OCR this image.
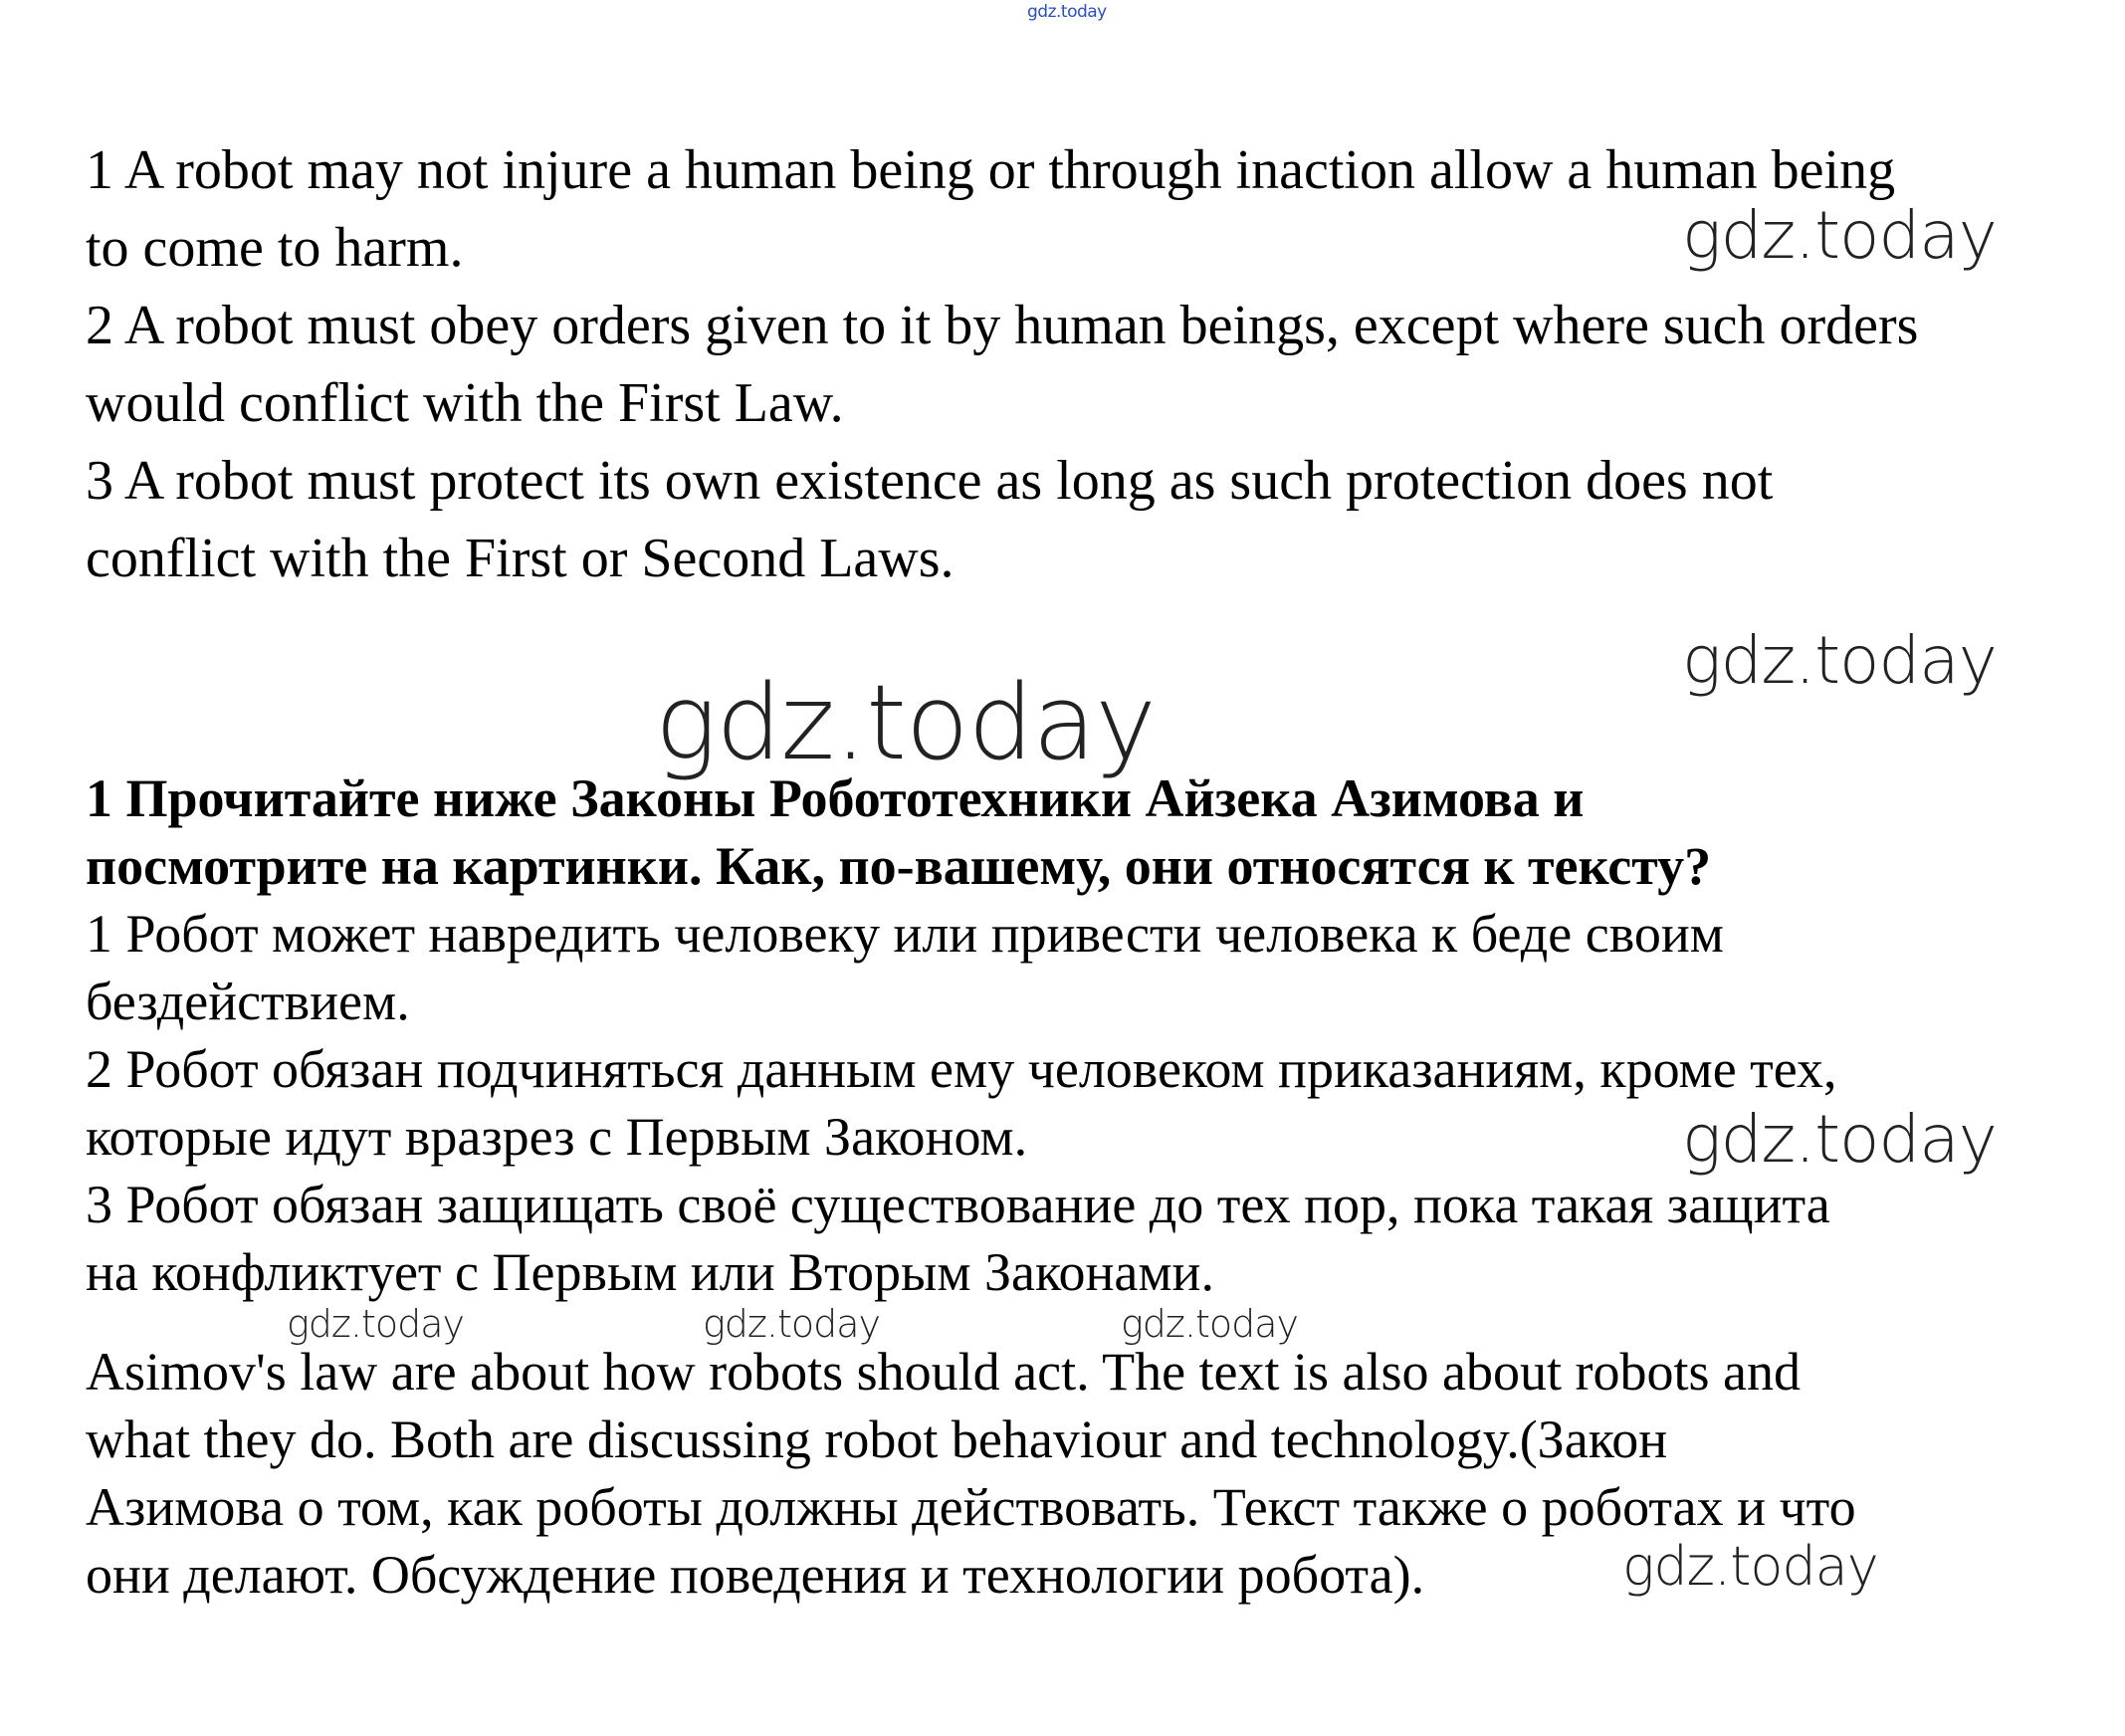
gdz.today
1 A robot may not injure a human being or through inaction allow a human being
to come to harm.
2 A robot must obey orders given to it by human beings, except where such orders
would conflict with the First Law.
3 A robot must protect its own existence as long as such protection does not
conflict with the First or Second Laws.
1 Прочитайте ниже Законы Робототехники Айзека Азимова и
посмотрите на картинки. Как, по-вашему, они относятся к тексту?
1 Робот может навредить человеку или привести человека к беде своим
бездействием.
2 Робот обязан подчиняться данным ему человеком приказаниям, кроме тех,
которые идут вразрез с Первым Законом.
3 Робот обязан защищать своё существование до тех пор, пока такая защита
на конфликтует с Первым или Вторым Законами.
Asimov's law are about how robots should act. The text is also about robots and
what they do. Both are discussing robot behaviour and technology.(Закон
Азимова о том, как роботы должны действовать. Текст также о роботах и что
они делают. Обсуждение поведения и технологии робота).
gdz.today
gdz.today
gdz.today
gdz.today
gdz.today	gdz.today	gdz.today
gdz.today
